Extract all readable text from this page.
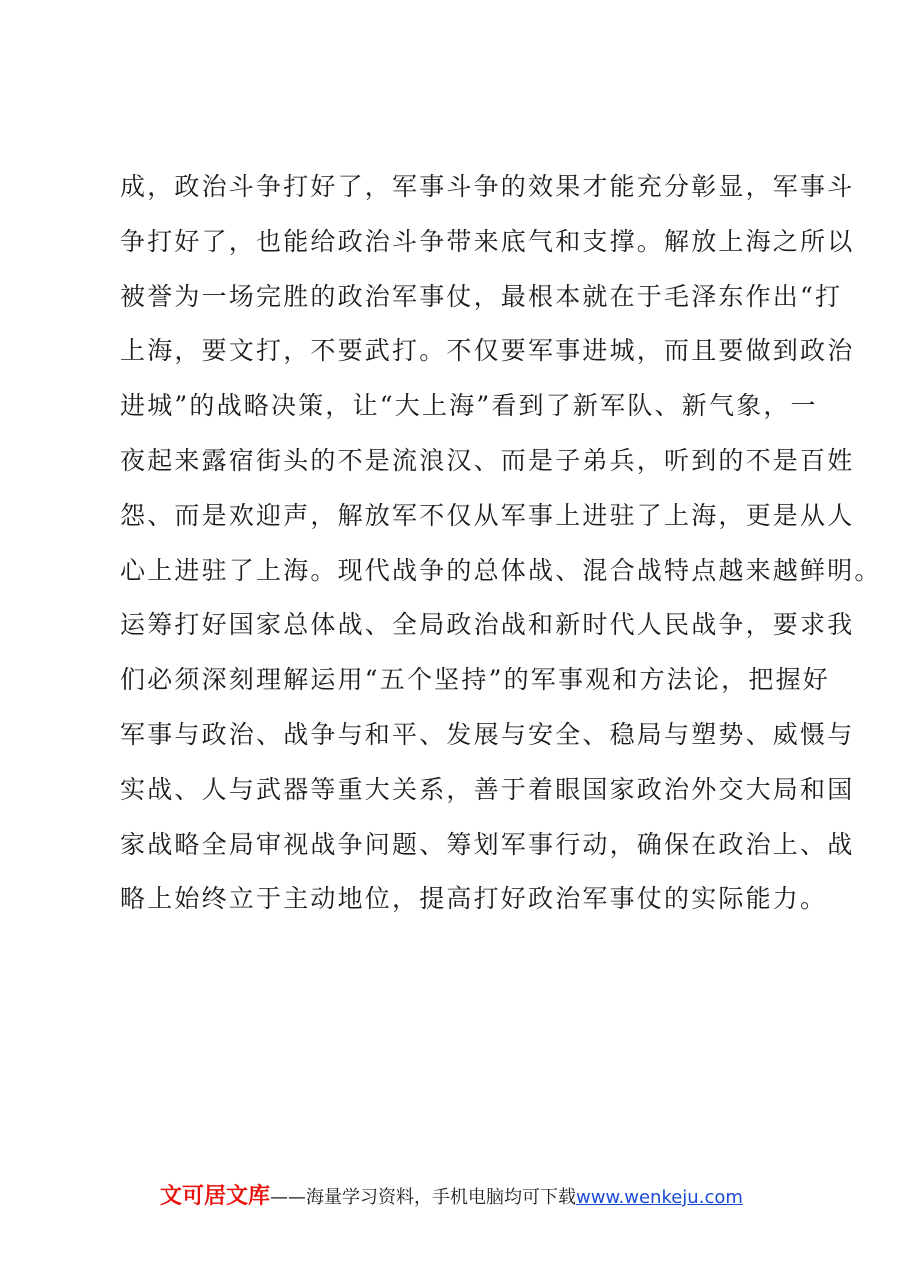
成，政治斗争打好了，军事斗争的效果才能充分彰显，军事斗
争打好了，也能给政治斗争带来底气和支撑。解放上海之所以
被誉为一场完胜的政治军事仗，最根本就在于毛泽东作出“打
上海，要文打，不要武打。不仅要军事进城，而且要做到政治
进城”的战略决策，让“大上海”看到了新军队、新气象，一
夜起来露宿街头的不是流浪汉、而是子弟兵，听到的不是百姓
怨、而是欢迎声，解放军不仅从军事上进驻了上海，更是从人
心上进驻了上海。现代战争的总体战、混合战特点越来越鲜明。
运筹打好国家总体战、全局政治战和新时代人民战争，要求我
们必须深刻理解运用“五个坚持”的军事观和方法论，把握好
军事与政治、战争与和平、发展与安全、稳局与塑势、威慑与
实战、人与武器等重大关系，善于着眼国家政治外交大局和国
家战略全局审视战争问题、筹划军事行动，确保在政治上、战
略上始终立于主动地位，提高打好政治军事仗的实际能力。
文可居文库——海量学习资料，手机电脑均可下载www.wenkeju.com
